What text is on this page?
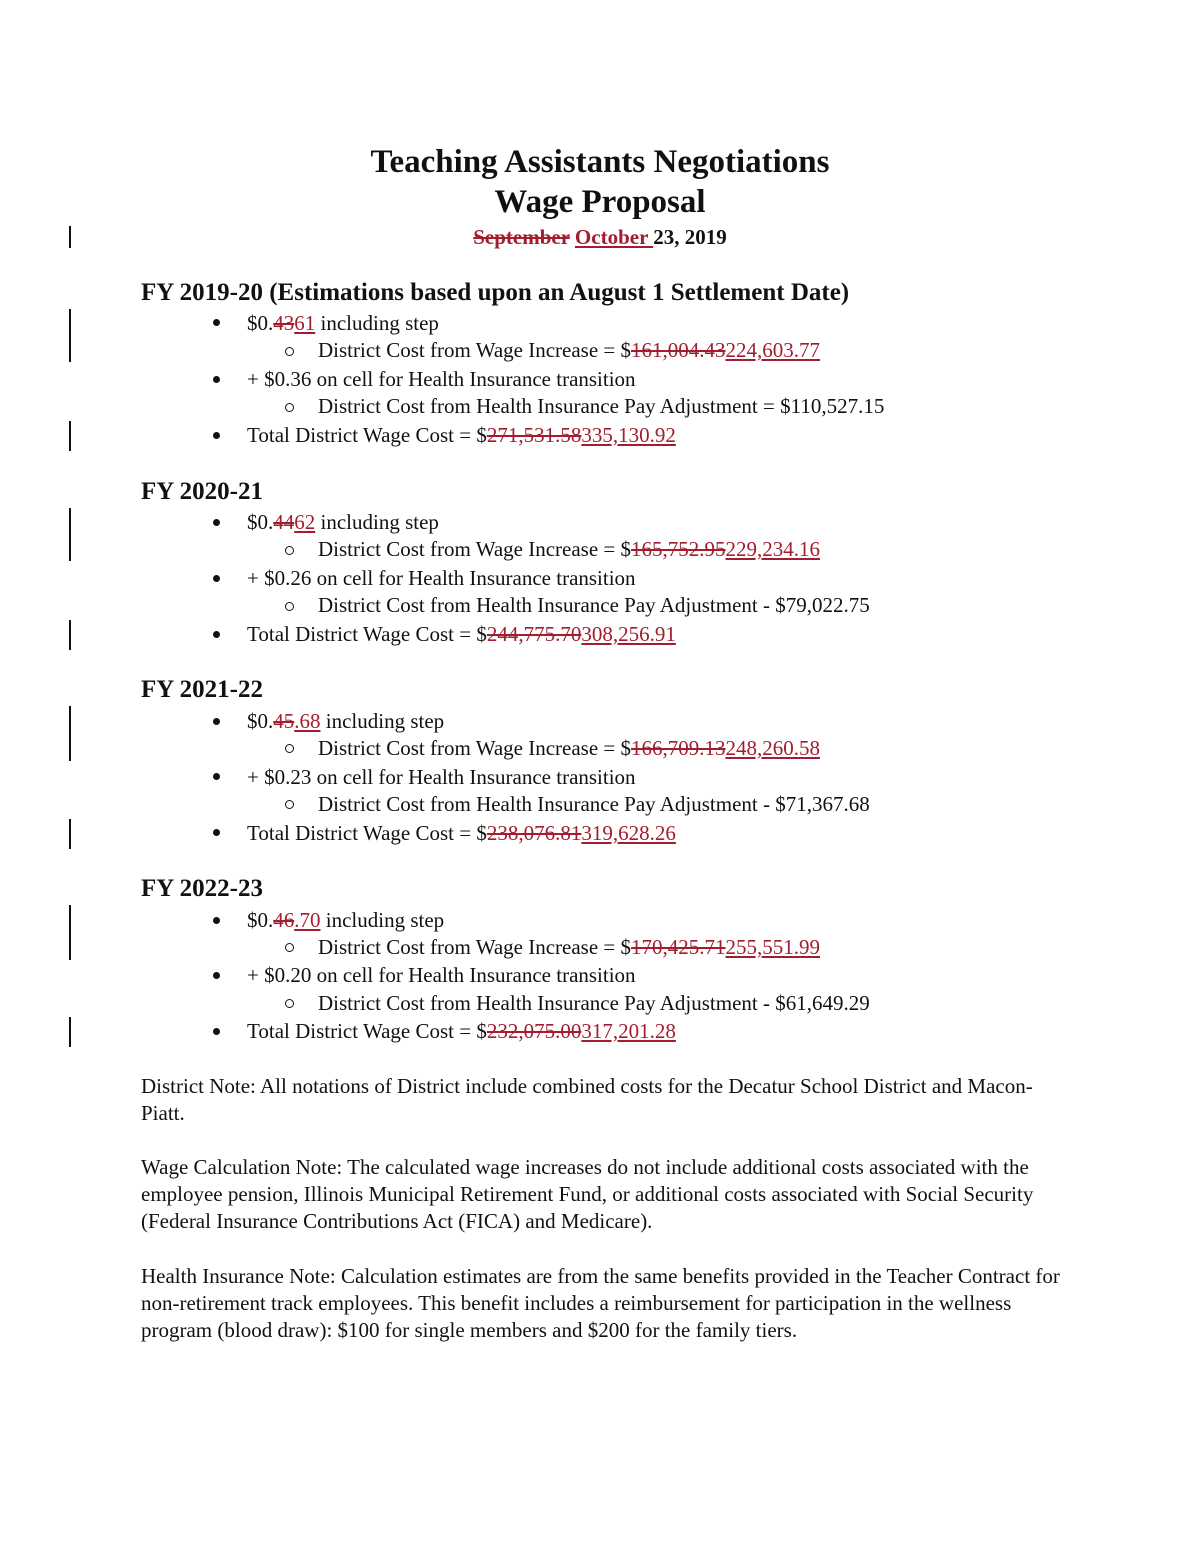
Teaching Assistants Negotiations
Wage Proposal
September October 23, 2019
FY 2019-20 (Estimations based upon an August 1 Settlement Date)
$0.4361 including step
District Cost from Wage Increase = $161,004.43224,603.77
+ $0.36 on cell for Health Insurance transition
District Cost from Health Insurance Pay Adjustment = $110,527.15
Total District Wage Cost = $271,531.58335,130.92
FY 2020-21
$0.4462 including step
District Cost from Wage Increase = $165,752.95229,234.16
+ $0.26 on cell for Health Insurance transition
District Cost from Health Insurance Pay Adjustment - $79,022.75
Total District Wage Cost = $244,775.70308,256.91
FY 2021-22
$0.45.68 including step
District Cost from Wage Increase = $166,709.13248,260.58
+ $0.23 on cell for Health Insurance transition
District Cost from Health Insurance Pay Adjustment - $71,367.68
Total District Wage Cost = $238,076.81319,628.26
FY 2022-23
$0.46.70 including step
District Cost from Wage Increase = $170,425.71255,551.99
+ $0.20 on cell for Health Insurance transition
District Cost from Health Insurance Pay Adjustment - $61,649.29
Total District Wage Cost = $232,075.00317,201.28
District Note: All notations of District include combined costs for the Decatur School District and Macon-Piatt.
Wage Calculation Note: The calculated wage increases do not include additional costs associated with the employee pension, Illinois Municipal Retirement Fund, or additional costs associated with Social Security (Federal Insurance Contributions Act (FICA) and Medicare).
Health Insurance Note: Calculation estimates are from the same benefits provided in the Teacher Contract for non-retirement track employees. This benefit includes a reimbursement for participation in the wellness program (blood draw): $100 for single members and $200 for the family tiers.
